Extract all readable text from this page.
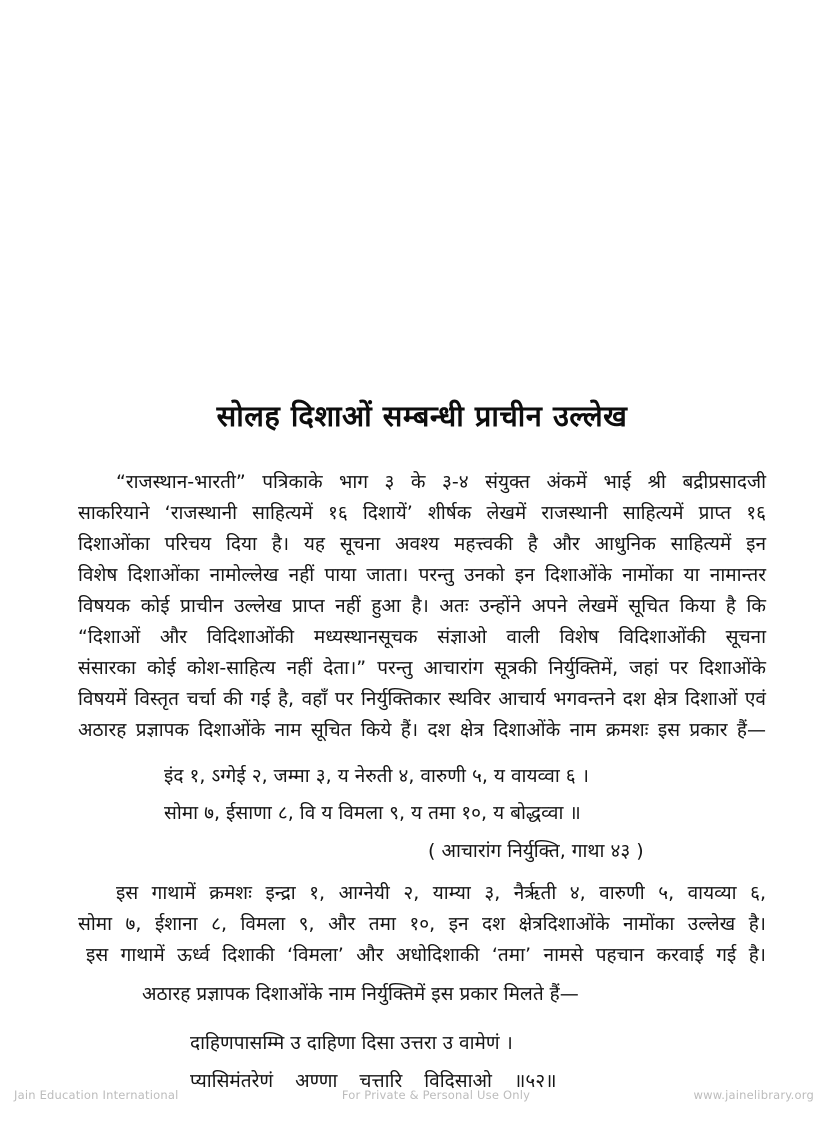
सोलह दिशाओं सम्बन्धी प्राचीन उल्लेख
“राजस्थान-भारती” पत्रिकाके भाग ३ के ३-४ संयुक्त अंकमें भाई श्री बद्रीप्रसादजी
साकरियाने ‘राजस्थानी साहित्यमें १६ दिशायें’ शीर्षक लेखमें राजस्थानी साहित्यमें प्राप्त १६
दिशाओंका परिचय दिया है। यह सूचना अवश्य महत्त्वकी है और आधुनिक साहित्यमें इन
विशेष दिशाओंका नामोल्लेख नहीं पाया जाता। परन्तु उनको इन दिशाओंके नामोंका या नामान्तर
विषयक कोई प्राचीन उल्लेख प्राप्त नहीं हुआ है। अतः उन्होंने अपने लेखमें सूचित किया है कि
“दिशाओं और विदिशाओंकी मध्यस्थानसूचक संज्ञाओ वाली विशेष विदिशाओंकी सूचना
संसारका कोई कोश-साहित्य नहीं देता।” परन्तु आचारांग सूत्रकी निर्युक्तिमें, जहां पर दिशाओंके
विषयमें विस्तृत चर्चा की गई है, वहाँ पर निर्युक्तिकार स्थविर आचार्य भगवन्तने दश क्षेत्र दिशाओं एवं
अठारह प्रज्ञापक दिशाओंके नाम सूचित किये हैं। दश क्षेत्र दिशाओंके नाम क्रमशः इस प्रकार हैं—
इंद १, ऽग्गेई २, जम्मा ३, य नेरुती ४, वारुणी ५, य वायव्वा ६ ।
सोमा ७, ईसाणा ८, वि य विमला ९, य तमा १०, य बोद्धव्वा ॥
( आचारांग निर्युक्ति, गाथा ४३ )
इस गाथामें क्रमशः इन्द्रा १, आग्नेयी २, याम्या ३, नैर्ऋती ४, वारुणी ५, वायव्या ६,
सोमा ७, ईशाना ८, विमला ९, और तमा १०, इन दश क्षेत्रदिशाओंके नामोंका उल्लेख है।
इस गाथामें ऊर्ध्व दिशाकी ‘विमला’ और अधोदिशाकी ‘तमा’ नामसे पहचान करवाई गई है।
अठारह प्रज्ञापक दिशाओंके नाम निर्युक्तिमें इस प्रकार मिलते हैं—
दाहिणपासम्मि उ दाहिणा दिसा उत्तरा उ वामेणं ।
प्यासिमंतरेणं अण्णा चत्तारि विदिसाओ ॥५२॥
Jain Education International	For Private & Personal Use Only	www.jainelibrary.org
